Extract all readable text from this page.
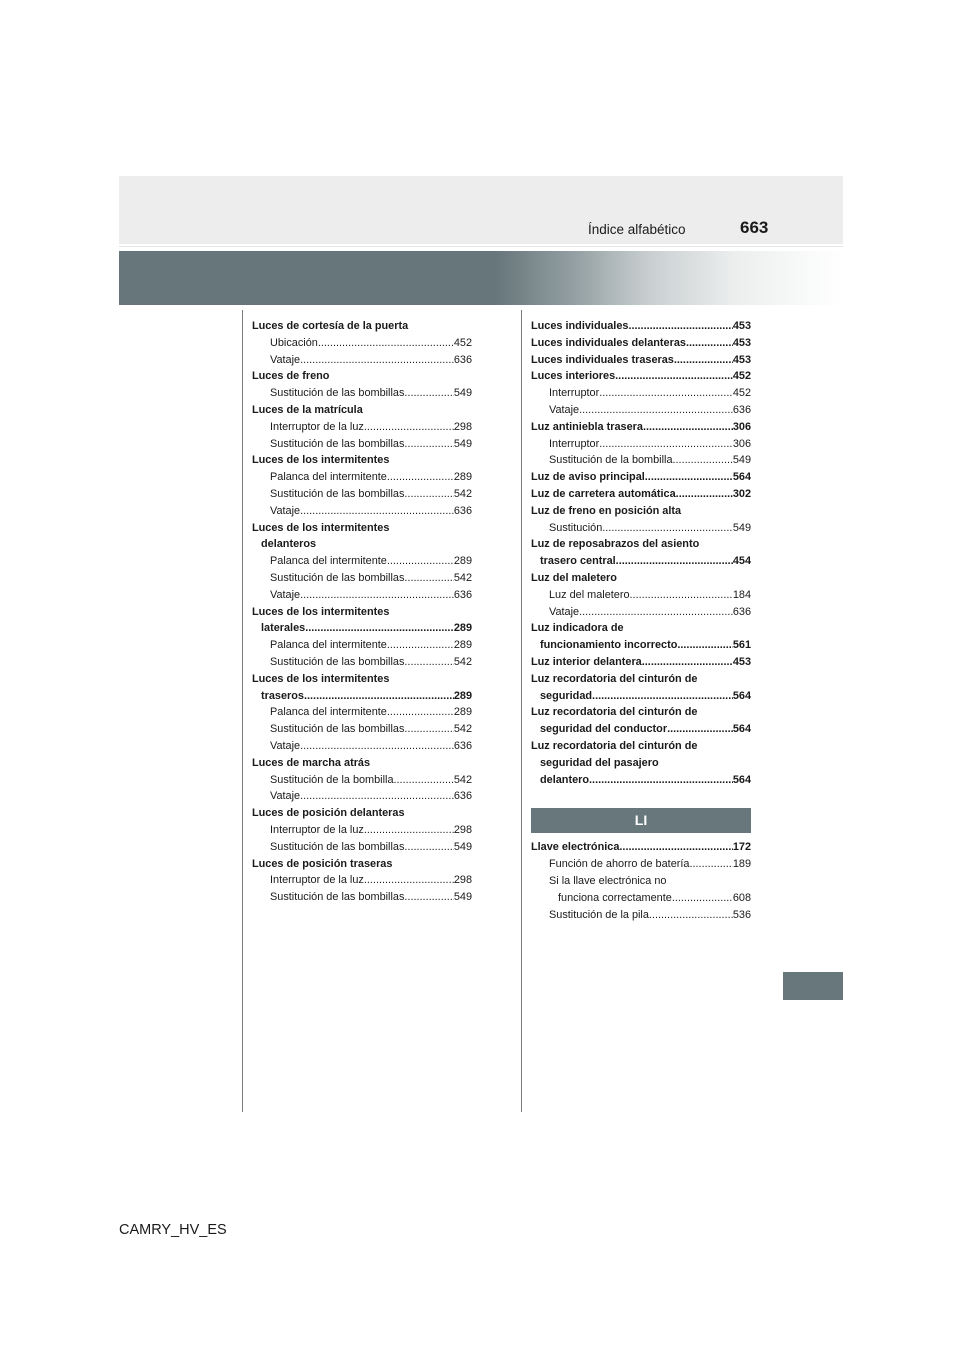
Índice alfabético	663
Luces de cortesía de la puerta
Ubicación .....	452
Vataje .....	636
Luces de freno
Sustitución de las bombillas .....	549
Luces de la matrícula
Interruptor de la luz .....	298
Sustitución de las bombillas .....	549
Luces de los intermitentes
Palanca del intermitente .....	289
Sustitución de las bombillas .....	542
Vataje .....	636
Luces de los intermitentes
delanteros
Palanca del intermitente .....	289
Sustitución de las bombillas .....	542
Vataje .....	636
Luces de los intermitentes
laterales .....	289
Palanca del intermitente .....	289
Sustitución de las bombillas .....	542
Luces de los intermitentes
traseros .....	289
Palanca del intermitente .....	289
Sustitución de las bombillas .....	542
Vataje .....	636
Luces de marcha atrás
Sustitución de la bombilla .....	542
Vataje .....	636
Luces de posición delanteras
Interruptor de la luz .....	298
Sustitución de las bombillas .....	549
Luces de posición traseras
Interruptor de la luz .....	298
Sustitución de las bombillas .....	549
Luces individuales .....	453
Luces individuales delanteras .....	453
Luces individuales traseras .....	453
Luces interiores .....	452
Interruptor .....	452
Vataje .....	636
Luz antiniebla trasera .....	306
Interruptor .....	306
Sustitución de la bombilla .....	549
Luz de aviso principal .....	564
Luz de carretera automática .....	302
Luz de freno en posición alta
Sustitución .....	549
Luz de reposabrazos del asiento
trasero central .....	454
Luz del maletero
Luz del maletero .....	184
Vataje .....	636
Luz indicadora de
funcionamiento incorrecto .....	561
Luz interior delantera .....	453
Luz recordatoria del cinturón de
seguridad .....	564
Luz recordatoria del cinturón de
seguridad del conductor .....	564
Luz recordatoria del cinturón de
seguridad del pasajero
delantero .....	564
LI
Llave electrónica .....	172
Función de ahorro de batería .....	189
Si la llave electrónica no
funciona correctamente .....	608
Sustitución de la pila .....	536
CAMRY_HV_ES
